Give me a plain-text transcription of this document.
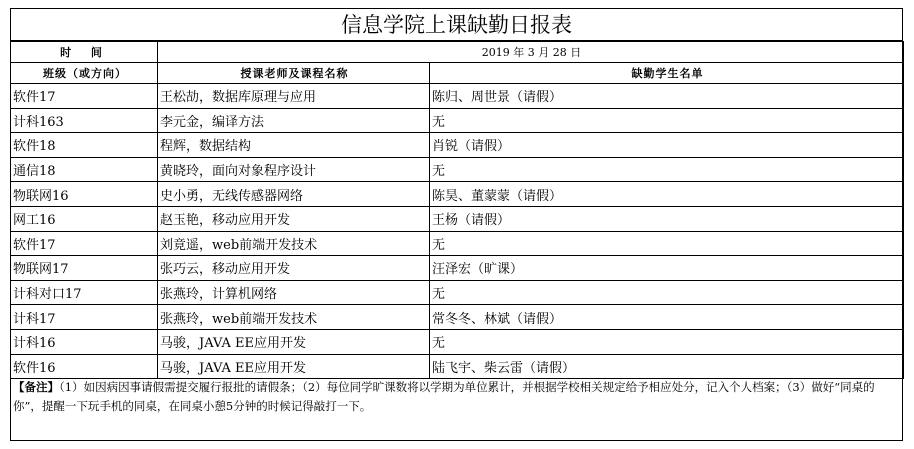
信息学院上课缺勤日报表
时 间	2019 年 3 月 28 日	
班级（或方向）	授课老师及课程名称	缺勤学生名单
软件17	王松劼，数据库原理与应用	陈归、周世景（请假）
计科163	李元金，编译方法	无
软件18	程辉，数据结构	肖锐（请假）
通信18	黄晓玲，面向对象程序设计	无
物联网16	史小勇，无线传感器网络	陈昊、董蒙蒙（请假）
网工16	赵玉艳，移动应用开发	王杨（请假）
软件17	刘竟遥，web前端开发技术	无
物联网17	张巧云，移动应用开发	汪泽宏（旷课）
计科对口17	张燕玲，计算机网络	无
计科17	张燕玲，web前端开发技术	常冬冬、林斌（请假）
计科16	马骏，JAVA EE应用开发	无
软件16	马骏，JAVA EE应用开发	陆飞宇、柴云雷（请假）
【备注】（1）如因病因事请假需提交履行报批的请假条；（2）每位同学旷课数将以学期为单位累计，并根据学校相关规定给予相应处分，记入个人档案；（3）做好“同桌的你”，提醒一下玩手机的同桌，在同桌小憩5分钟的时候记得敲打一下。
